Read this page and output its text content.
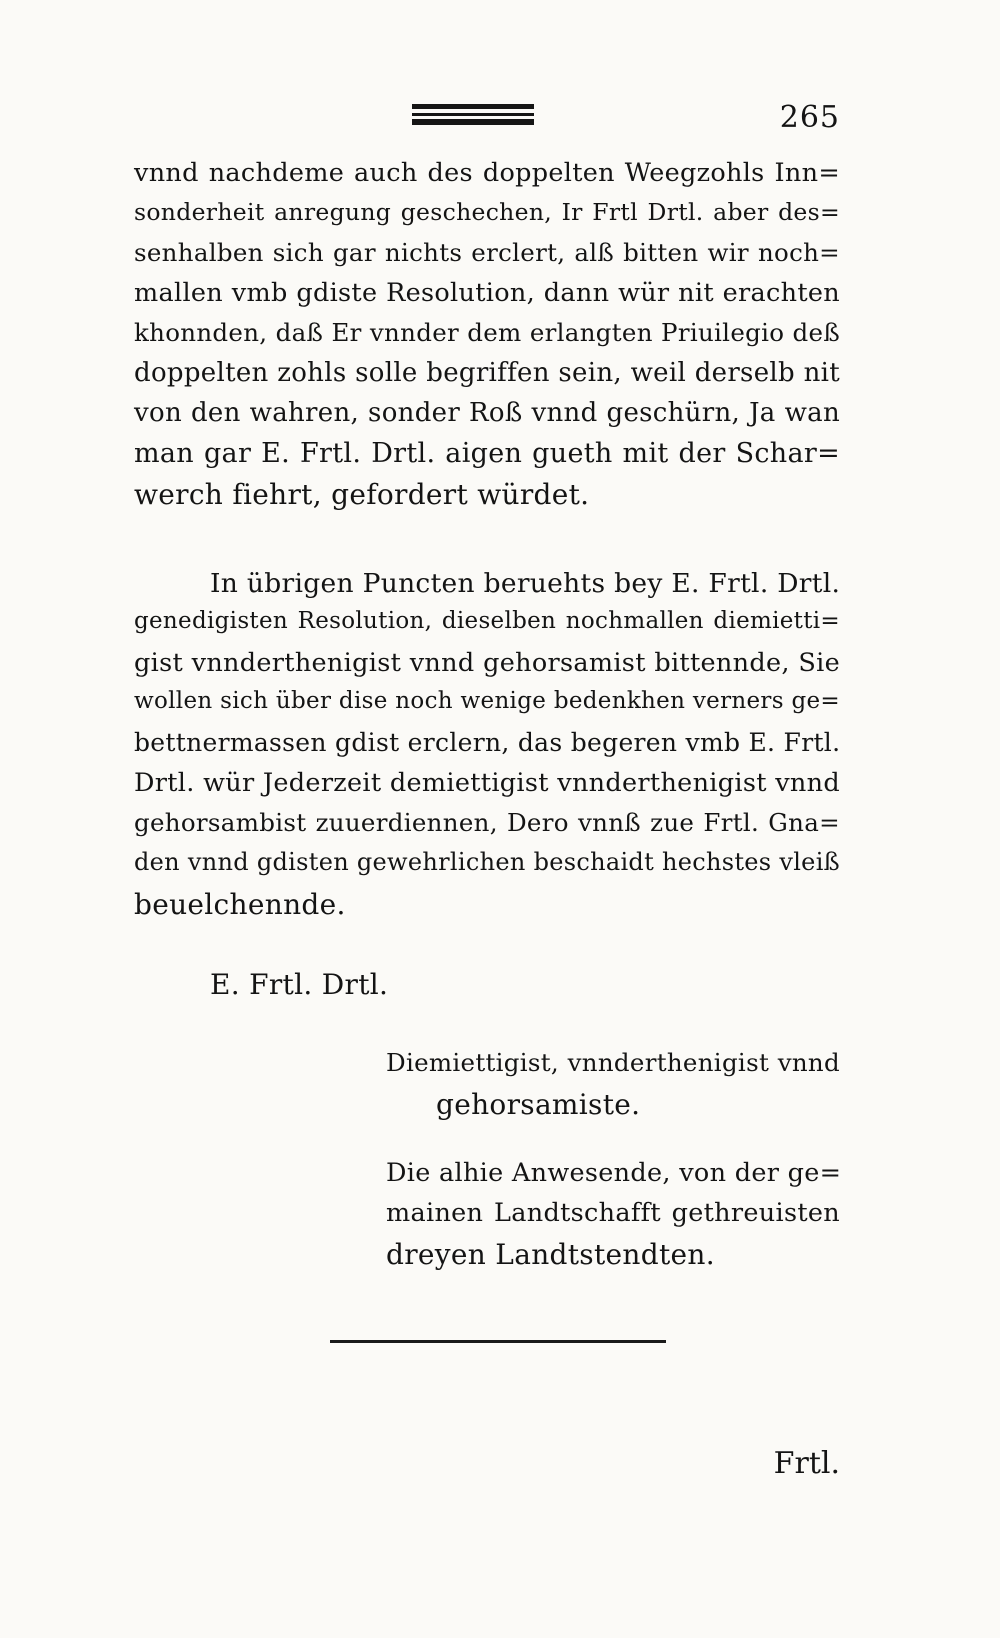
265
vnnd nachdeme auch des doppelten Weegzohls Inn=
sonderheit anregung geschechen, Ir Frtl Drtl. aber des=
senhalben sich gar nichts erclert, alß bitten wir noch=
mallen vmb gdiste Resolution, dann wür nit erachten
khonnden, daß Er vnnder dem erlangten Priuilegio deß
doppelten zohls solle begriffen sein, weil derselb nit
von den wahren, sonder Roß vnnd geschürn, Ja wan
man gar E. Frtl. Drtl. aigen gueth mit der Schar=
werch fiehrt, gefordert würdet.
In übrigen Puncten beruehts bey E. Frtl. Drtl.
genedigisten Resolution, dieselben nochmallen diemietti=
gist vnnderthenigist vnnd gehorsamist bittennde, Sie
wollen sich über dise noch wenige bedenkhen verners ge=
bettnermassen gdist erclern, das begeren vmb E. Frtl.
Drtl. wür Jederzeit demiettigist vnnderthenigist vnnd
gehorsambist zuuerdiennen, Dero vnnß zue Frtl. Gna=
den vnnd gdisten gewehrlichen beschaidt hechstes vleiß
beuelchennde.
E. Frtl. Drtl.
Diemiettigist, vnnderthenigist vnnd
gehorsamiste.
Die alhie Anwesende, von der ge=
mainen Landtschafft gethreuisten
dreyen Landtstendten.
Frtl.
